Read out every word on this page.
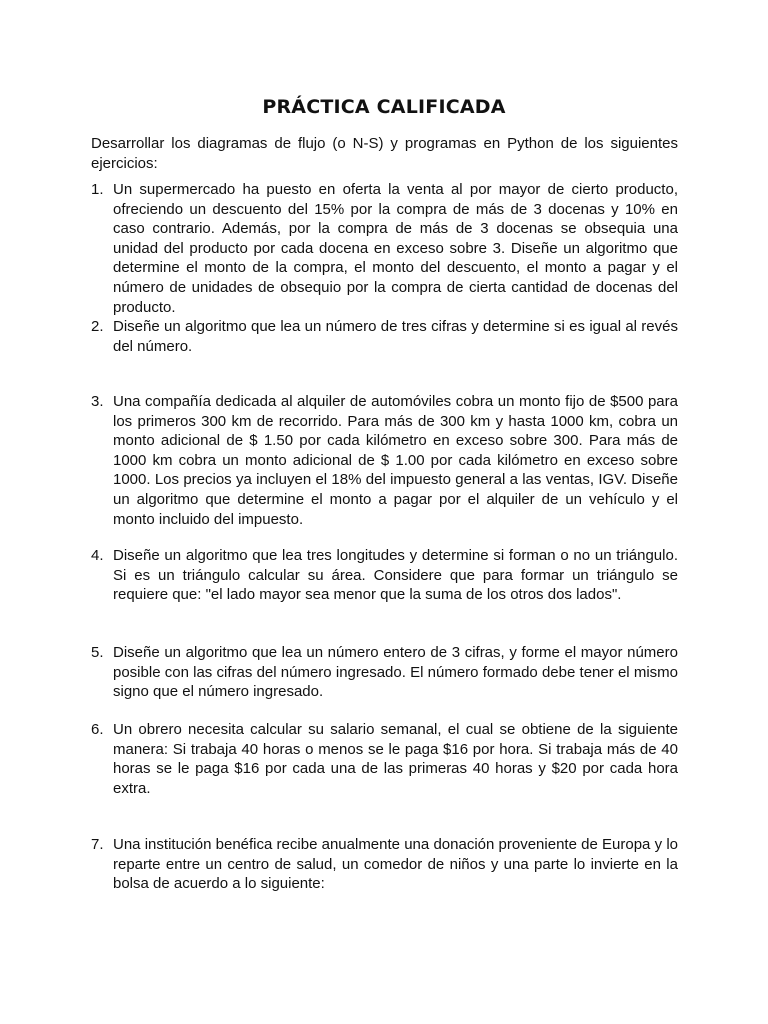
PRÁCTICA CALIFICADA
Desarrollar los diagramas de flujo (o N-S) y programas en Python de los siguientes ejercicios:
1. Un supermercado ha puesto en oferta la venta al por mayor de cierto producto, ofreciendo un descuento del 15% por la compra de más de 3 docenas y 10% en caso contrario. Además, por la compra de más de 3 docenas se obsequia una unidad del producto por cada docena en exceso sobre 3. Diseñe un algoritmo que determine el monto de la compra, el monto del descuento, el monto a pagar y el número de unidades de obsequio por la compra de cierta cantidad de docenas del producto.
2. Diseñe un algoritmo que lea un número de tres cifras y determine si es igual al revés del número.
3. Una compañía dedicada al alquiler de automóviles cobra un monto fijo de $500 para los primeros 300 km de recorrido. Para más de 300 km y hasta 1000 km, cobra un monto adicional de $ 1.50 por cada kilómetro en exceso sobre 300. Para más de 1000 km cobra un monto adicional de $ 1.00 por cada kilómetro en exceso sobre 1000. Los precios ya incluyen el 18% del impuesto general a las ventas, IGV. Diseñe un algoritmo que determine el monto a pagar por el alquiler de un vehículo y el monto incluido del impuesto.
4. Diseñe un algoritmo que lea tres longitudes y determine si forman o no un triángulo. Si es un triángulo calcular su área. Considere que para formar un triángulo se requiere que: "el lado mayor sea menor que la suma de los otros dos lados".
5. Diseñe un algoritmo que lea un número entero de 3 cifras, y forme el mayor número posible con las cifras del número ingresado. El número formado debe tener el mismo signo que el número ingresado.
6. Un obrero necesita calcular su salario semanal, el cual se obtiene de la siguiente manera: Si trabaja 40 horas o menos se le paga $16 por hora. Si trabaja más de 40 horas se le paga $16 por cada una de las primeras 40 horas y $20 por cada hora extra.
7. Una institución benéfica recibe anualmente una donación proveniente de Europa y lo reparte entre un centro de salud, un comedor de niños y una parte lo invierte en la bolsa de acuerdo a lo siguiente:
